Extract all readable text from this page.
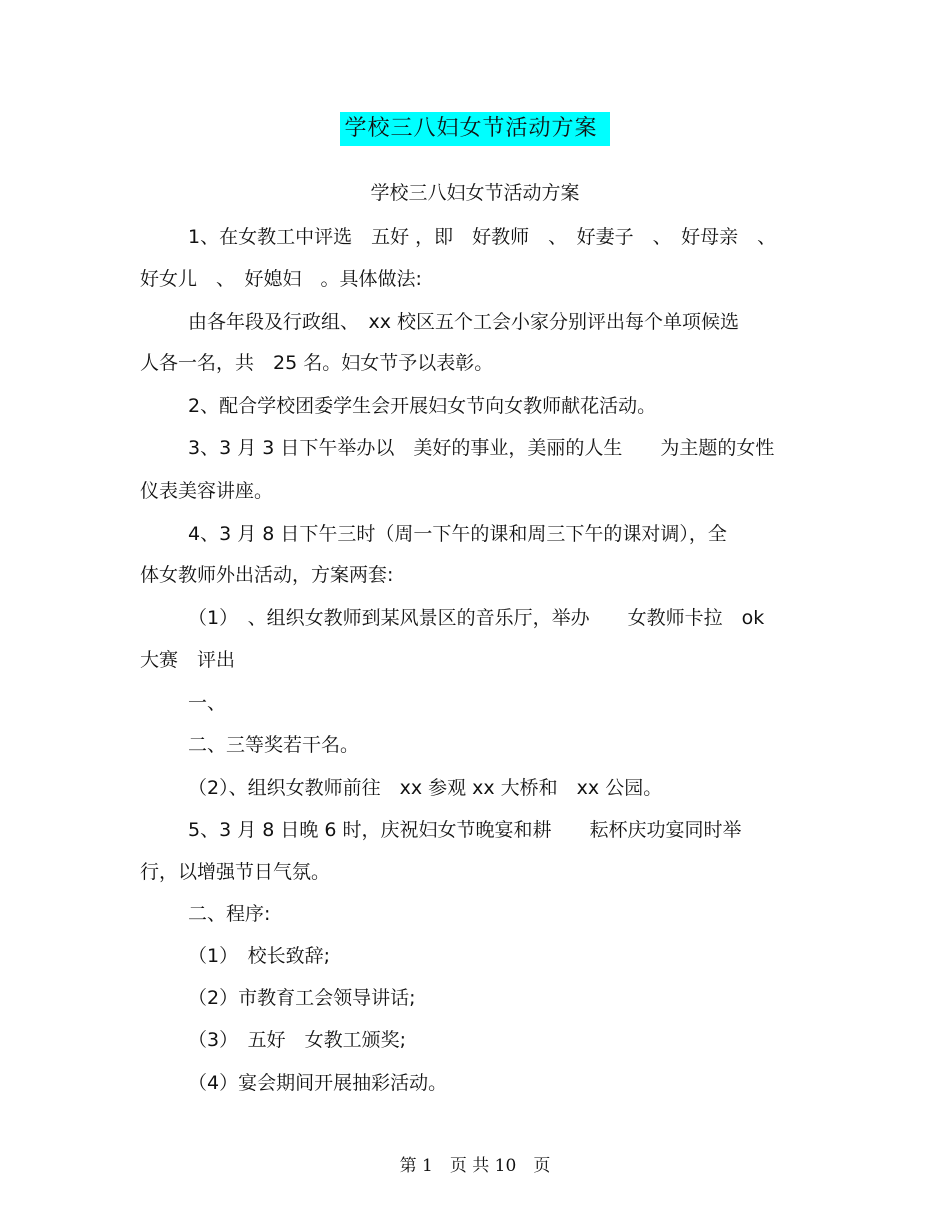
学校三八妇女节活动方案
学校三八妇女节活动方案
1、在女教工中评选　五好 ，即　好教师　、　好妻子　、　好母亲　、
好女儿　、　好媳妇　。具体做法:
由各年段及行政组、　xx 校区五个工会小家分别评出每个单项候选
人各一名，共　25 名。妇女节予以表彰。
2、配合学校团委学生会开展妇女节向女教师献花活动。
3、3 月 3 日下午举办以　美好的事业，美丽的人生　　为主题的女性
仪表美容讲座。
4、3 月 8 日下午三时（周一下午的课和周三下午的课对调），全
体女教师外出活动，方案两套:
（1）　、组织女教师到某风景区的音乐厅，举办　　女教师卡拉　ok
大赛　评出
一、
二、三等奖若干名。
（2）、组织女教师前往　xx 参观 xx 大桥和　xx 公园。
5、3 月 8 日晚 6 时，庆祝妇女节晚宴和耕　　耘杯庆功宴同时举
行，以增强节日气氛。
二、程序:
（1）　校长致辞;
（2）市教育工会领导讲话;
（3）　五好　女教工颁奖;
（4）宴会期间开展抽彩活动。
第 1　页 共 10　页
